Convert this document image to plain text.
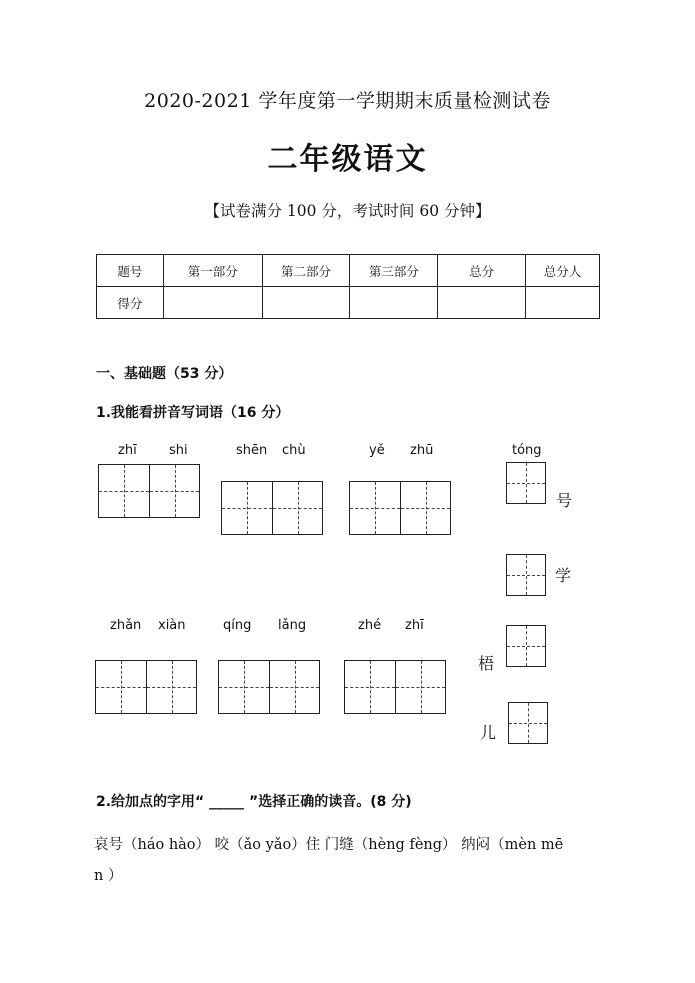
2020-2021 学年度第一学期期末质量检测试卷
二年级语文
【试卷满分 100 分，考试时间 60 分钟】
题号	第一部分	第二部分	第三部分	总分	总分人
得分					
一、基础题（53 分）
1.我能看拼音写词语（16 分）
zhī shi	shēn chù	yě zhū	tóng
号
学
梧
儿
zhǎn xiàn	qíng lǎng	zhé zhī
2.给加点的字用“ _____ ”选择正确的读音。(8 分)
哀号（háo hào） 咬（ǎo yǎo）住 门缝（hèng fèng） 纳闷（mèn mē
n ）
